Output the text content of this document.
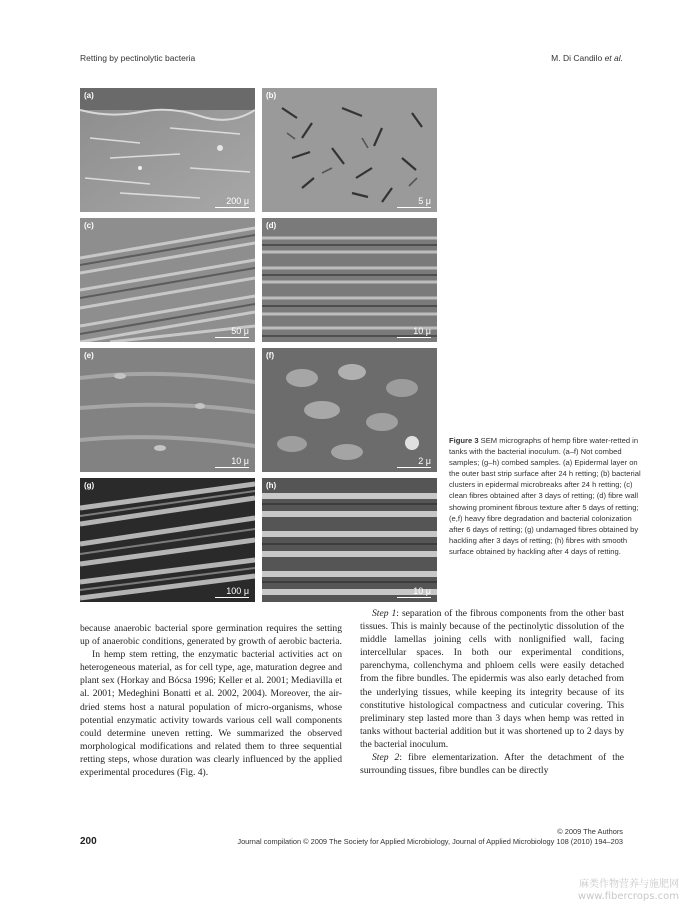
Retting by pectinolytic bacteria	M. Di Candilo et al.
(a)
200 μ
(b)
5 μ
(c)
50 μ
(d)
10 μ
(e)
10 μ
(f)
2 μ
(g)
100 μ
(h)
10 μ
Figure 3 SEM micrographs of hemp fibre water-retted in tanks with the bacterial inoculum. (a–f) Not combed samples; (g–h) combed samples. (a) Epidermal layer on the outer bast strip surface after 24 h retting; (b) bacterial clusters in epidermal microbreaks after 24 h retting; (c) clean fibres obtained after 3 days of retting; (d) fibre wall showing prominent fibrous texture after 5 days of retting; (e,f) heavy fibre degradation and bacterial colonization after 6 days of retting; (g) undamaged fibres obtained by hackling after 3 days of retting; (h) fibres with smooth surface obtained by hackling after 4 days of retting.

because anaerobic bacterial spore germination requires the setting up of anaerobic conditions, generated by growth of aerobic bacteria.

In hemp stem retting, the enzymatic bacterial activities act on heterogeneous material, as for cell type, age, maturation degree and plant sex (Horkay and Bócsa 1996; Keller et al. 2001; Mediavilla et al. 2001; Medeghini Bonatti et al. 2002, 2004). Moreover, the air-dried stems host a natural population of micro-organisms, whose potential enzymatic activity towards various cell wall components could determine uneven retting. We summarized the observed morphological modifications and related them to three sequential retting steps, whose duration was clearly influenced by the applied experimental procedures (Fig. 4).

Step 1: separation of the fibrous components from the other bast tissues. This is mainly because of the pectinolytic dissolution of the middle lamellas joining cells with nonlignified wall, facing intercellular spaces. In both our experimental conditions, parenchyma, collenchyma and phloem cells were easily detached from the fibre bundles. The epidermis was also early detached from the underlying tissues, while keeping its integrity because of its constitutive histological compactness and cuticular covering. This preliminary step lasted more than 3 days when hemp was retted in tanks without bacterial addition but it was shortened up to 2 days by the bacterial inoculum.

Step 2: fibre elementarization. After the detachment of the surrounding tissues, fibre bundles can be directly

200
© 2009 The Authors
Journal compilation © 2009 The Society for Applied Microbiology, Journal of Applied Microbiology 108 (2010) 194–203
麻类作物营养与施肥网
www.fibercrops.com
